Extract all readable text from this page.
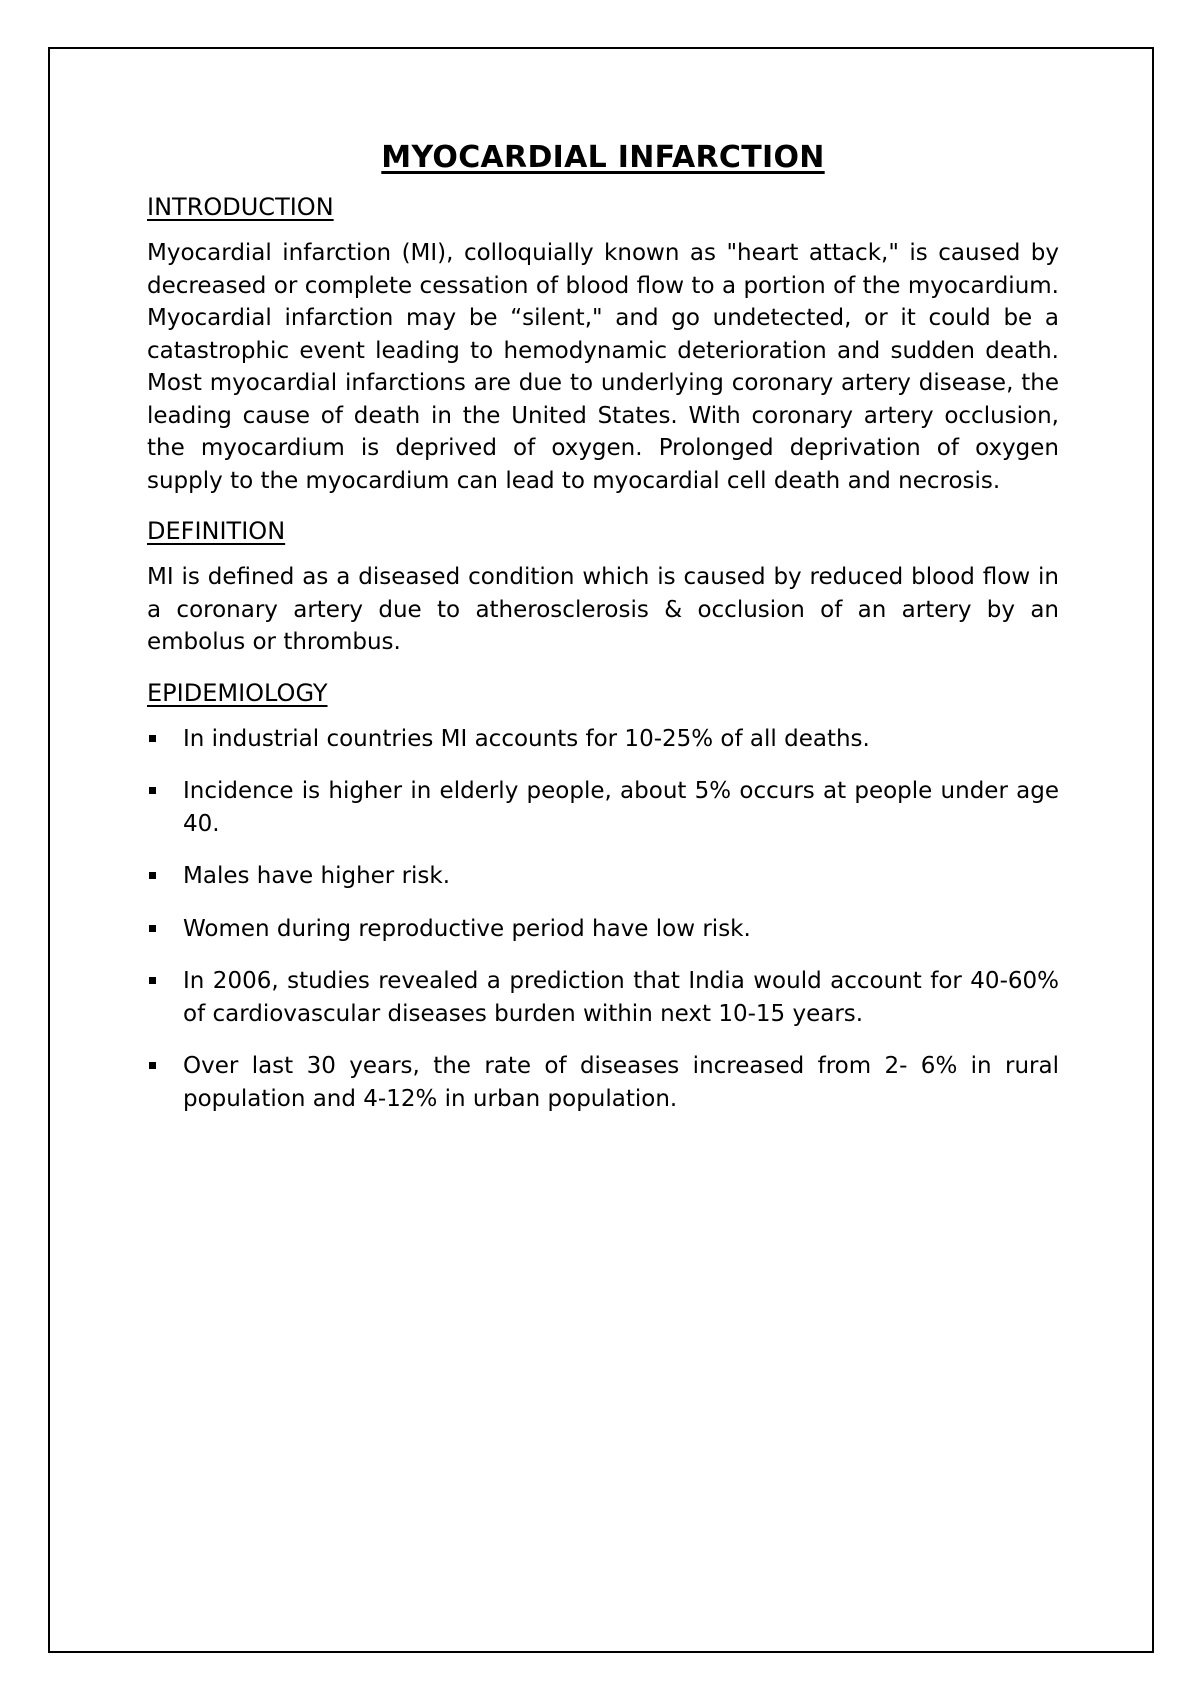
MYOCARDIAL INFARCTION
INTRODUCTION

Myocardial infarction (MI), colloquially known as "heart attack," is caused by decreased or complete cessation of blood flow to a portion of the myocardium. Myocardial infarction may be “silent," and go undetected, or it could be a catastrophic event leading to hemodynamic deterioration and sudden death. Most myocardial infarctions are due to underlying coronary artery disease, the leading cause of death in the United States. With coronary artery occlusion, the myocardium is deprived of oxygen. Prolonged deprivation of oxygen supply to the myocardium can lead to myocardial cell death and necrosis.

DEFINITION

MI is defined as a diseased condition which is caused by reduced blood flow in a coronary artery due to atherosclerosis & occlusion of an artery by an embolus or thrombus.

EPIDEMIOLOGY
In industrial countries MI accounts for 10-25% of all deaths.
Incidence is higher in elderly people, about 5% occurs at people under age 40.
Males have higher risk.
Women during reproductive period have low risk.
In 2006, studies revealed a prediction that India would account for 40-60% of cardiovascular diseases burden within next 10-15 years.
Over last 30 years, the rate of diseases increased from 2- 6% in rural population and 4-12% in urban population.
